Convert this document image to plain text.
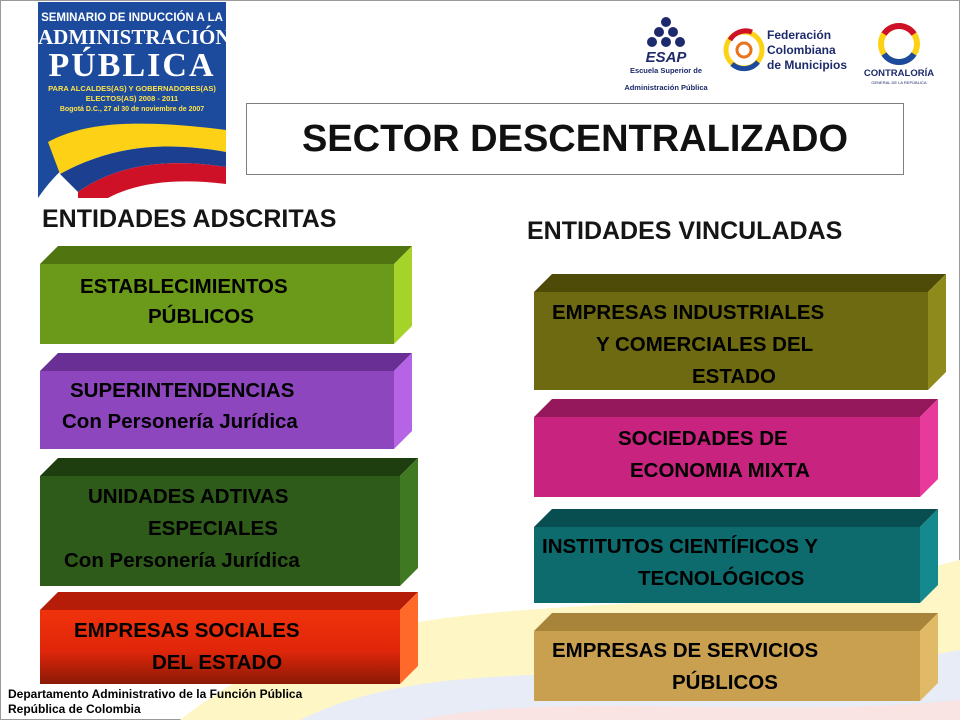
SEMINARIO DE INDUCCIÓN A LA
ADMINISTRACIÓN
PÚBLICA
PARA ALCALDES(AS) Y GOBERNADORES(AS)
ELECTOS(AS) 2008 - 2011
Bogotá D.C., 27 al 30 de noviembre de 2007
ESAP
Escuela Superior de
Administración Pública
Federación
Colombiana
de Municipios
CONTRALORÍA
GENERAL DE LA REPÚBLICA
SECTOR DESCENTRALIZADO
ENTIDADES ADSCRITAS	ENTIDADES VINCULADAS
ESTABLECIMIENTOS
PÚBLICOS
SUPERINTENDENCIAS
Con Personería Jurídica
UNIDADES ADTIVAS
ESPECIALES
Con Personería Jurídica
EMPRESAS SOCIALES
DEL ESTADO
EMPRESAS INDUSTRIALES
Y COMERCIALES DEL
ESTADO
SOCIEDADES DE
ECONOMIA MIXTA
INSTITUTOS CIENTÍFICOS Y
TECNOLÓGICOS
EMPRESAS DE SERVICIOS
PÚBLICOS
Departamento Administrativo de la Función Pública
República de Colombia
